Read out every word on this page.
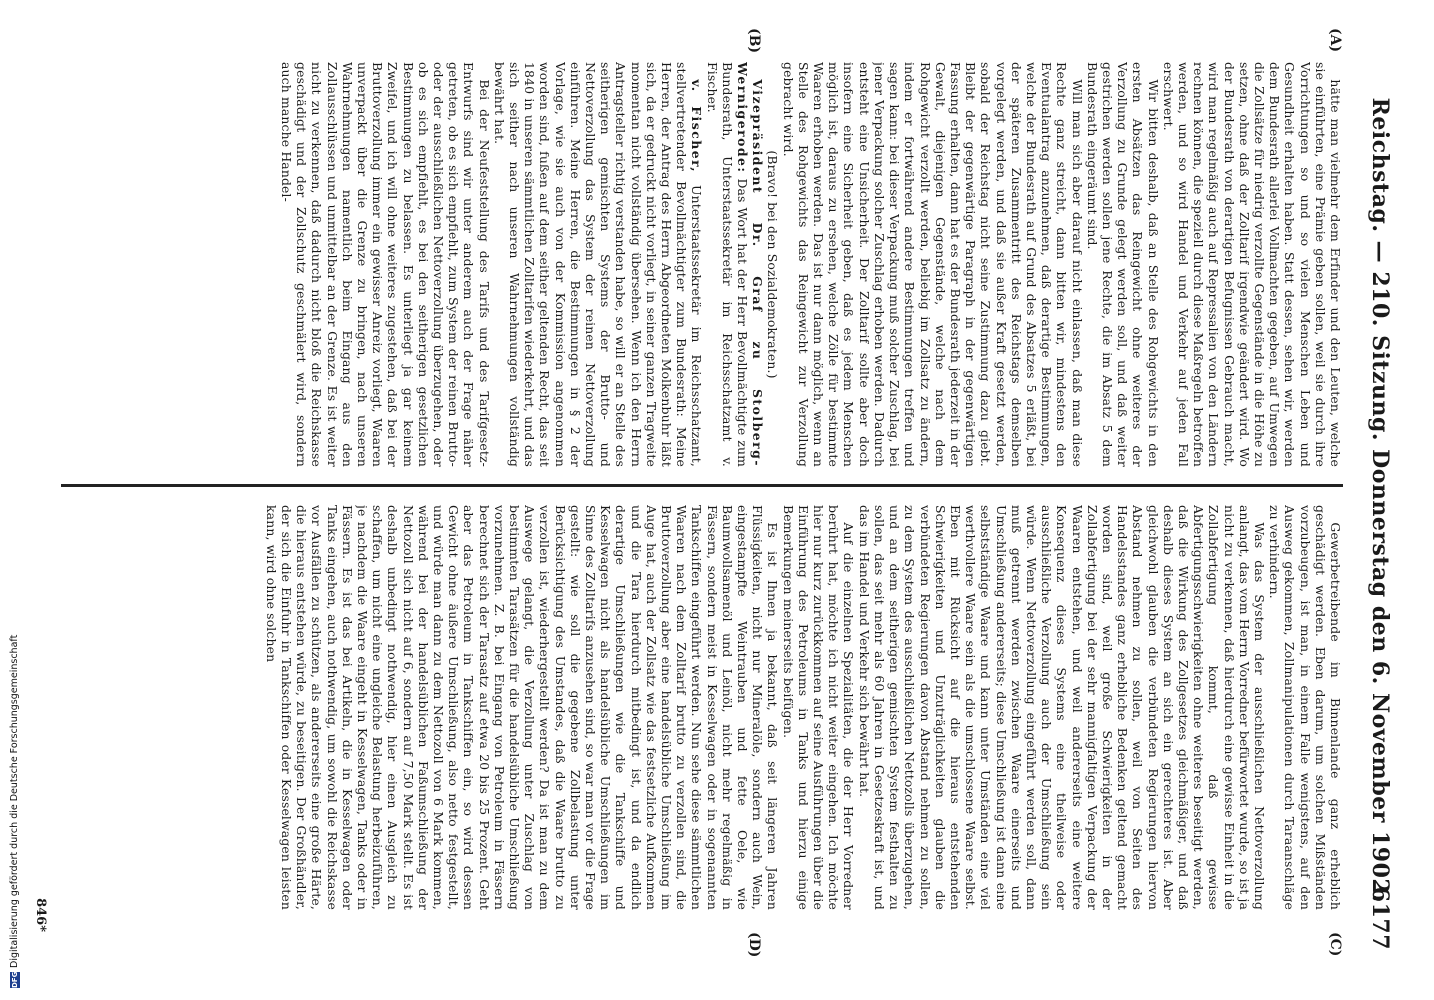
Reichstag. — 210. Sitzung. Donnerstag den 6. November 1902.
6177
(A)
(B)
(C)
(D)

hätte man vielmehr dem Erfinder und den Leuten, welche sie einführten, eine Prämie geben sollen, weil sie durch ihre Vorrichtungen so und so vielen Menschen Leben und Gesundheit erhalten haben. Statt dessen, sehen wir, werden dem Bundesrath allerlei Vollmachten gegeben, auf Umwegen die Zollsätze für niedrig verzollte Gegenstände in die Höhe zu setzen, ohne daß der Zolltarif irgendwie geändert wird. Wo der Bundesrath von derartigen Befugnissen Gebrauch macht, wird man regelmäßig auch auf Repressalien von den Ländern rechnen können, die speziell durch diese Maßregeln betroffen werden, und so wird Handel und Verkehr auf jeden Fall erschwert.

Wir bitten deshalb, daß an Stelle des Rohgewichts in den ersten Absätzen das Reingewicht ohne weiteres der Verzollung zu Grunde gelegt werden soll, und daß weiter gestrichen werden sollen jene Rechte, die im Absatz 5 dem Bundesrath eingeräumt sind.

Will man sich aber darauf nicht einlassen, daß man diese Rechte ganz streicht, dann bitten wir, mindestens den Eventualantrag anzunehmen, daß derartige Bestimmungen, welche der Bundesrath auf Grund des Absatzes 5 erläßt, bei der späteren Zusammentritt des Reichstags demselben vorgelegt werden, und daß sie außer Kraft gesetzt werden, sobald der Reichstag nicht seine Zustimmung dazu giebt. Bleibt der gegenwärtige Paragraph in der gegenwärtigen Fassung erhalten, dann hat es der Bundesrath jederzeit in der Gewalt, diejenigen Gegenstände, welche nach dem Rohgewicht verzollt werden, beliebig im Zollsatz zu ändern, indem er fortwährend andere Bestimmungen treffen und sagen kann: bei dieser Verpackung muß solcher Zuschlag, bei jener Verpackung solcher Zuschlag erhoben werden. Dadurch entsteht eine Unsicherheit. Der Zolltarif sollte aber doch insofern eine Sicherheit geben, daß es jedem Menschen möglich ist, daraus zu ersehen, welche Zölle für bestimmte Waaren erhoben werden. Das ist nur dann möglich, wenn an Stelle des Rohgewichts das Reingewicht zur Verzollung gebracht wird.

(Bravo! bei den Sozialdemokraten.)

Vizepräsident Dr. Graf zu Stolberg-Wernigerode: Das Wort hat der Herr Bevollmächtigte zum Bundesrath, Unterstaatssekretär im Reichsschatzamt v. Fischer.

v. Fischer, Unterstaatssekretär im Reichsschatzamt, stellvertretender Bevollmächtigter zum Bundesrath: Meine Herren, der Antrag des Herrn Abgeordneten Molkenbuhr läßt sich, da er gedruckt nicht vorliegt, in seiner ganzen Tragweite momentan nicht vollständig übersehen. Wenn ich den Herrn Antragsteller richtig verstanden habe, so will er an Stelle des seitherigen gemischten Systems der Brutto- und Nettoverzollung das System der reinen Nettoverzollung einführen. Meine Herren, die Bestimmungen in § 2 der Vorlage, wie sie auch von der Kommission angenommen worden sind, fußen auf dem seither geltenden Recht, das seit 1840 in unseren sämmtlichen Zolltarifen wiederkehrt, und das sich seither nach unseren Wahrnehmungen vollständig bewährt hat.

Bei der Neufeststellung des Tarifs und des Tarifgesetz-Entwurfs sind wir unter anderem auch der Frage näher getreten, ob es sich empfiehlt, zum System der reinen Brutto- oder der ausschließlichen Nettoverzollung überzugehen, oder ob es sich empfiehlt, es bei den seitherigen gesetzlichen Bestimmungen zu belassen. Es unterliegt ja gar keinem Zweifel, und ich will ohne weiteres zugestehen, daß bei der Bruttoverzollung immer ein gewisser Anreiz vorliegt, Waaren unverpackt über die Grenze zu bringen, nach unseren Wahrnehmungen namentlich beim Eingang aus den Zollausschlüssen und unmittelbar an der Grenze. Es ist weiter nicht zu verkennen, daß dadurch nicht bloß die Reichskasse geschädigt und der Zollschutz geschmälert wird, sondern auch manche Handel-

Gewerbetreibende im Binnenlande ganz erheblich geschädigt werden. Eben darum, um solchen Mißständen vorzubeugen, ist man, in einem Falle wenigstens, auf den Ausweg gekommen, Zollmanipulationen durch Taraanschläge zu verhindern.

Was das System der ausschließlichen Nettoverzollung anlangt, das vom Herrn Vorredner befürwortet wurde, so ist ja nicht zu verkennen, daß hierdurch eine gewisse Einheit in die Zollabfertigung kommt, daß gewisse Abfertigungsschwierigkeiten ohne weiteres beseitigt werden, daß die Wirkung des Zollgesetzes gleichmäßiger, und daß deshalb dieses System an sich ein gerechteres ist. Aber gleichwohl glauben die verbündeten Regierungen hiervon Abstand nehmen zu sollen, weil von Seiten des Handelsstandes ganz erhebliche Bedenken geltend gemacht worden sind, weil große Schwierigkeiten in der Zollabfertigung bei der sehr mannigfaltigen Verpackung der Waaren entstehen, und weil andererseits eine weitere Konsequenz dieses Systems eine theilweise oder ausschließliche Verzollung auch der Umschließung sein würde. Wenn Nettoverzollung eingeführt werden soll, dann muß getrennt werden zwischen Waare einerseits und Umschließung andererseits; diese Umschließung ist dann eine selbstständige Waare und kann unter Umständen eine viel werthvollere Waare sein als die umschlossene Waare selbst. Eben mit Rücksicht auf die hieraus entstehenden Schwierigkeiten und Unzuträglichkeiten glauben die verbündeten Regierungen davon Abstand nehmen zu sollen, zu dem System des ausschließlichen Nettozolls überzugehen, und an dem seitherigen gemischten System festhalten zu sollen, das seit mehr als 60 Jahren in Gesetzeskraft ist, und das im Handel und Verkehr sich bewährt hat.

Auf die einzelnen Spezialitäten, die der Herr Vorredner berührt hat, möchte ich nicht weiter eingehen. Ich möchte hier nur kurz zurückkommen auf seine Ausführungen über die Einführung des Petroleums in Tanks und hierzu einige Bemerkungen meinerseits beifügen.

Es ist Ihnen ja bekannt, daß seit längeren Jahren Flüssigkeiten, nicht nur Mineralöle, sondern auch Wein, eingestampfte Weintrauben und fette Oele, wie Baumwollsamenöl und Leinöl, nicht mehr regelmäßig in Fässern, sondern meist in Kesselwagen oder in sogenannten Tankschiffen eingeführt werden. Nun sehe diese sämmtlichen Waaren nach dem Zolltarif brutto zu verzollen sind, die Bruttoverzollung aber eine handelsübliche Umschließung im Auge hat, auch der Zollsatz wie das festsetzliche Aufkommen und die Tara hierdurch mitbedingt ist, und da endlich derartige Umschließungen wie die Tankschiffe und Kesselwagen nicht als handelsübliche Umschließungen im Sinne des Zolltarifs anzusehen sind, so war man vor die Frage gestellt: wie soll die gegebene Zollbelastung unter Berücksichtigung des Umstandes, daß die Waare brutto zu verzollen ist, wiederhergestellt werden? Da ist man zu dem Auswege gelangt, die Verzollung unter Zuschlag von bestimmten Tarasätzen für die handelsübliche Umschließung vorzunehmen. Z. B. bei Eingang von Petroleum in Fässern berechnet sich der Tarasatz auf etwa 20 bis 25 Prozent. Geht aber das Petroleum in Tankschiffen ein, so wird dessen Gewicht ohne äußere Umschließung, also netto festgestellt, und würde man dann zu dem Nettozoll von 6 Mark kommen, während bei der handelsüblichen Faßumschließung der Nettozoll sich nicht auf 6, sondern auf 7,50 Mark stellt. Es ist deshalb unbedingt nothwendig, hier einen Ausgleich zu schaffen, um nicht eine ungleiche Belastung herbeizuführen, je nachdem die Waare eingeht in Kesselwagen, Tanks oder in Fässern. Es ist das bei Artikeln, die in Kesselwagen oder Tanks eingehen, auch nothwendig, um sowohl die Reichskasse vor Ausfällen zu schützen, als andererseits eine große Härte, die hieraus entstehen würde, zu beseitigen. Der Großhändler, der sich die Einfuhr in Tankschiffen oder Kesselwagen leisten kann, wird ohne solchen

846*
DFG
Digitalisierung gefördert durch die Deutsche Forschungsgemeinschaft
